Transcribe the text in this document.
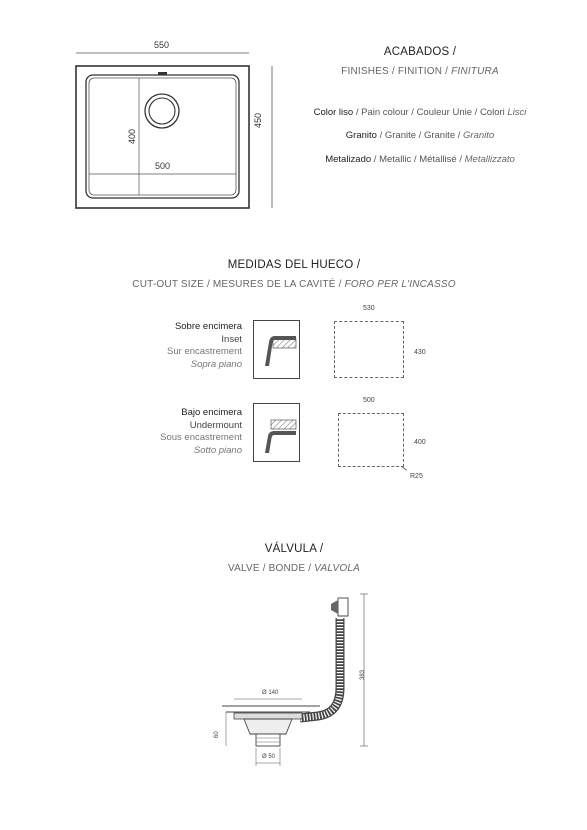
550
450
400
500
ACABADOS /
FINISHES / FINITION / FINITURA
Color liso / Pain colour / Couleur Unie / Colori Lisci
Granito / Granite / Granite / Granito
Metalizado / Metallic / Métallisé / Metallizzato
MEDIDAS DEL HUECO /
CUT-OUT SIZE / MESURES DE LA CAVITÉ / FORO PER L'INCASSO
Sobre encimera
Inset
Sur encastrement
Sopra piano
530
430
Bajo encimera
Undermount
Sous encastrement
Sotto piano
500
400
R25
VÁLVULA /
VALVE / BONDE / VALVOLA
Ø 140
Ø 50
60
383
